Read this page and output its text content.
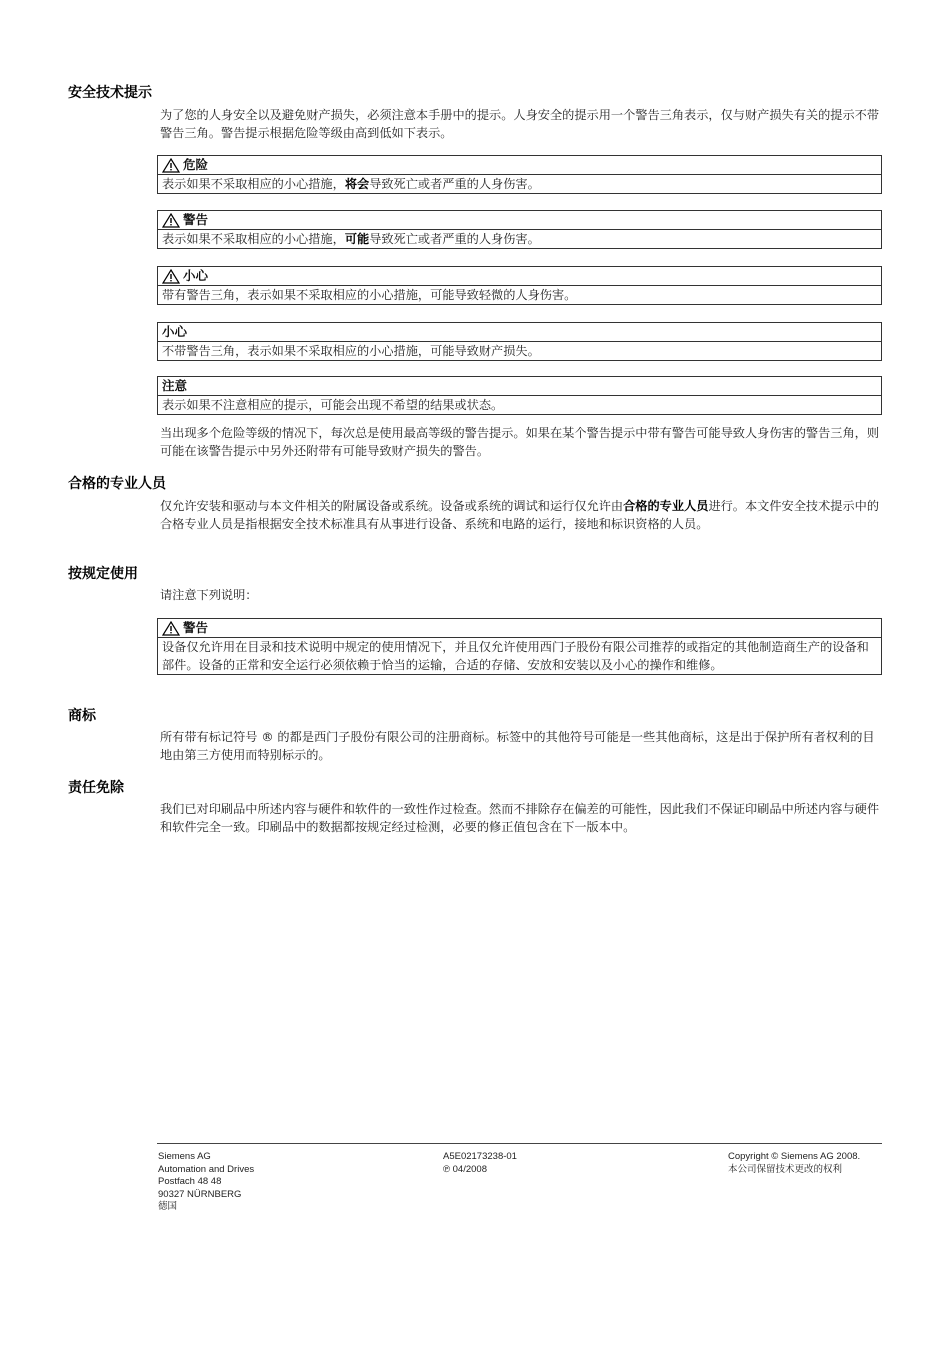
安全技术提示

为了您的人身安全以及避免财产损失，必须注意本手册中的提示。人身安全的提示用一个警告三角表示，仅与财产损失有关的提示不带警告三角。警告提示根据危险等级由高到低如下表示。

危险
表示如果不采取相应的小心措施，将会导致死亡或者严重的人身伤害。
警告
表示如果不采取相应的小心措施，可能导致死亡或者严重的人身伤害。
小心
带有警告三角，表示如果不采取相应的小心措施，可能导致轻微的人身伤害。
小心
不带警告三角，表示如果不采取相应的小心措施，可能导致财产损失。
注意
表示如果不注意相应的提示，可能会出现不希望的结果或状态。

当出现多个危险等级的情况下，每次总是使用最高等级的警告提示。如果在某个警告提示中带有警告可能导致人身伤害的警告三角，则可能在该警告提示中另外还附带有可能导致财产损失的警告。

合格的专业人员

仅允许安装和驱动与本文件相关的附属设备或系统。设备或系统的调试和运行仅允许由合格的专业人员进行。本文件安全技术提示中的合格专业人员是指根据安全技术标准具有从事进行设备、系统和电路的运行，接地和标识资格的人员。

按规定使用

请注意下列说明：

警告
设备仅允许用在目录和技术说明中规定的使用情况下，并且仅允许使用西门子股份有限公司推荐的或指定的其他制造商生产的设备和部件。设备的正常和安全运行必须依赖于恰当的运输，合适的存储、安放和安装以及小心的操作和维修。
商标

所有带有标记符号 ® 的都是西门子股份有限公司的注册商标。标签中的其他符号可能是一些其他商标，这是出于保护所有者权利的目地由第三方使用而特别标示的。

责任免除

我们已对印刷品中所述内容与硬件和软件的一致性作过检查。然而不排除存在偏差的可能性，因此我们不保证印刷品中所述内容与硬件和软件完全一致。印刷品中的数据都按规定经过检测，必要的修正值包含在下一版本中。

Siemens AG
Automation and Drives
Postfach 48 48
90327 NÜRNBERG
德国
A5E02173238-01
℗ 04/2008
Copyright © Siemens AG 2008.
本公司保留技术更改的权利
